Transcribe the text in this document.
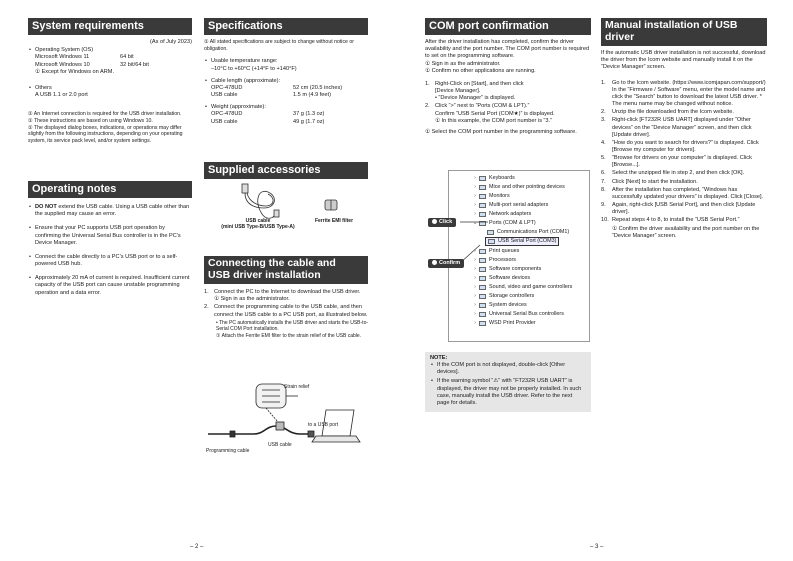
System requirements
(As of July 2023)
• Operating System (OS)
Microsoft Windows 11	64 bit
Microsoft Windows 10	32 bit/64 bit
① Except for Windows on ARM.
• Others
A USB 1.1 or 2.0 port
① An Internet connection is required for the USB driver installation.
① These instructions are based on using Windows 10.
① The displayed dialog boxes, indications, or operations may differ slightly from the following instructions, depending on your operating system, its service pack level, and/or system settings.
Operating notes
• DO NOT extend the USB cable. Using a USB cable other than the supplied may cause an error.
• Ensure that your PC supports USB port operation by confirming the Universal Serial Bus controller is in the PC’s Device Manager.
• Connect the cable directly to a PC’s USB port or to a self-powered USB hub.
• Approximately 20 mA of current is required. Insufficient current capacity of the USB port can cause unstable programming operation and a data error.
Specifications
① All stated specifications are subject to change without notice or obligation.
• Usable temperature range:
–10°C to +60°C (+14°F to +140°F)
• Cable length (approximate):
OPC-478UD	52 cm (20.5 inches)
USB cable	1.5 m (4.9 feet)
• Weight (approximate):
OPC-478UD	37 g (1.3 oz)
USB cable	49 g (1.7 oz)
Supplied accessories
USB cable
(mini USB Type-B/USB Type-A)
Ferrite EMI filter
Connecting the cable and
USB driver installation
1. Connect the PC to the Internet to download the USB driver.
① Sign in as the administrator.
2. Connect the programming cable to the USB cable, and then connect the USB cable to a PC USB port, as illustrated below.
• The PC automatically installs the USB driver and starts the USB-to-Serial COM Port installation.
① Attach the Ferrite EMI filter to the strain relief of the USB cable.
Strain relief
to a USB port
USB cable
Programming cable
– 2 –
COM port confirmation
After the driver installation has completed, confirm the driver availability and the port number. The COM port number is required to set on the programming software.
① Sign in as the administrator.
① Confirm no other applications are running.
1. Right-Click on [Start], and then click
[Device Manager].
• “Device Manager” is displayed.
2. Click “>” next to “Ports (COM & LPT).”
Confirm “USB Serial Port (COM★)” is displayed.
① In this example, the COM port number is “3.”
① Select the COM port number in the programming software.
›	Keyboards
›	Mice and other pointing devices
›	Monitors
›	Multi-port serial adapters
›	Network adapters
⌄	Ports (COM & LPT)
Communications Port (COM1)
USB Serial Port (COM3)
›	Print queues
›	Processors
›	Software components
›	Software devices
›	Sound, video and game controllers
›	Storage controllers
›	System devices
›	Universal Serial Bus controllers
›	WSD Print Provider
Click
Confirm
NOTE:
• If the COM port is not displayed, double-click [Other devices].
• If the warning symbol “⚠” with “FT232R USB UART” is displayed, the driver may not be properly installed. In such case, manually install the USB driver. Refer to the next page for details.
– 3 –
Manual installation of USB driver
If the automatic USB driver installation is not successful, download the driver from the Icom website and manually install it on the “Device Manager” screen.
1.	Go to the Icom website. (https://www.icomjapan.com/support/) In the “Firmware / Software” menu, enter the model name and click the “Search” button to download the latest USB driver. * The menu name may be changed without notice.
2.	Unzip the file downloaded from the Icom website.
3.	Right-click [FT232R USB UART] displayed under “Other devices” on the “Device Manager” screen, and then click [Update driver].
4.	“How do you want to search for drivers?” is displayed. Click [Browse my computer for drivers].
5.	“Browse for drivers on your computer” is displayed. Click [Browse...].
6.	Select the unzipped file in step 2, and then click [OK].
7.	Click [Next] to start the installation.
8.	After the installation has completed, “Windows has successfully updated your drivers” is displayed. Click [Close].
9.	Again, right-click [USB Serial Port], and then click [Update driver].
10. Repeat steps 4 to 8, to install the “USB Serial Port.”
① Confirm the driver availability and the port number on the “Device Manager” screen.
